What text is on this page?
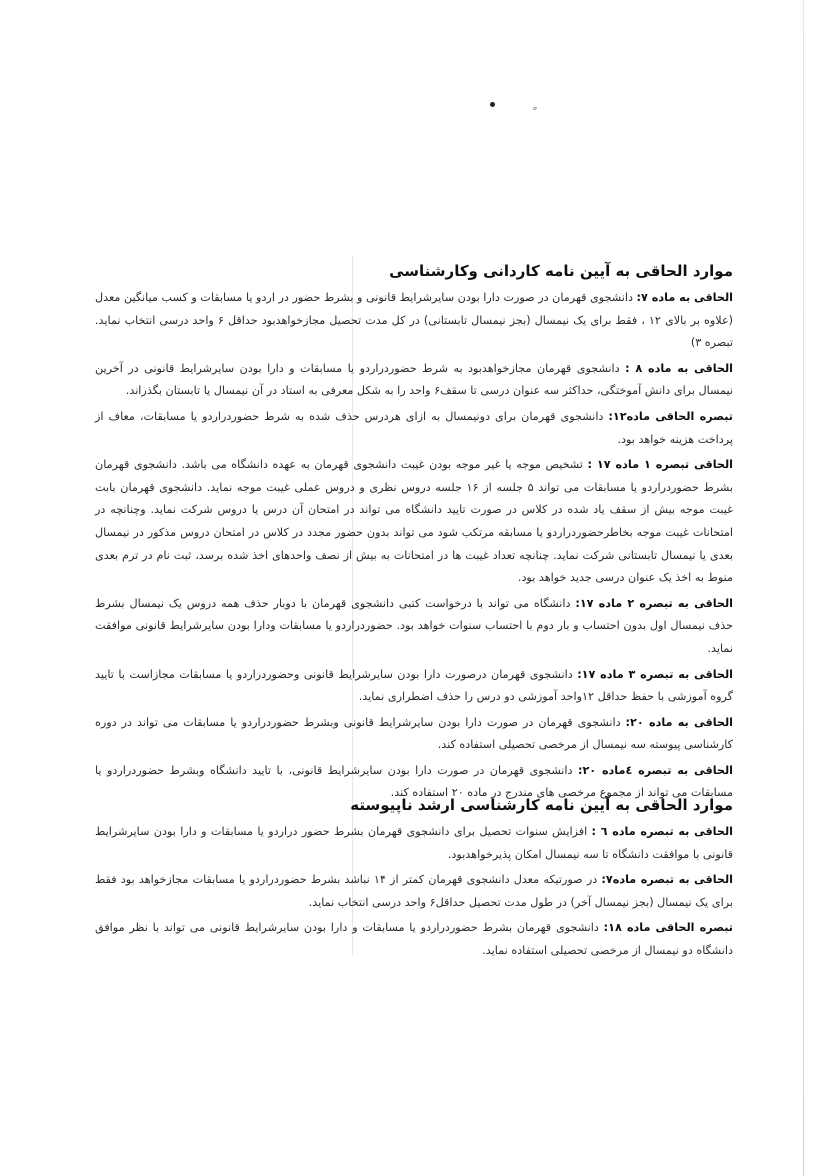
موارد الحاقی به آیین نامه کاردانی وکارشناسی

الحاقی به ماده ۷: دانشجوی قهرمان در صورت دارا بودن سایرشرایط قانونی و بشرط حضور در اردو یا مسابقات و کسب میانگین معدل (علاوه بر بالای ۱۲ ، فقط برای یک نیمسال (بجز نیمسال تابستانی) در کل مدت تحصیل مجازخواهدبود حداقل ۶ واحد درسی انتخاب نماید. تبصره ۳)

الحاقی به ماده ۸ : دانشجوی قهرمان مجازخواهدبود به شرط حضوردراردو یا مسابقات و دارا بودن سایرشرایط قانونی در آخرین نیمسال برای دانش آموختگی، حداکثر سه عنوان درسی تا سقف۶ واحد را به شکل معرفی به استاد در آن نیمسال یا تابستان بگذراند.

تبصره الحاقی ماده۱۲: دانشجوی قهرمان برای دونیمسال به ازای هردرس حذف شده به شرط حضوردراردو یا مسابقات، معاف از پرداخت هزینه خواهد بود.

الحاقی تبصره ۱ ماده ۱۷ : تشخیص موجه یا غیر موجه بودن غیبت دانشجوی قهرمان به عهده دانشگاه می باشد. دانشجوی قهرمان بشرط حضوردراردو یا مسابقات می تواند ۵ جلسه از ۱۶ جلسه دروس نظری و دروس عملی غیبت موجه نماید. دانشجوی قهرمان بابت غیبت موجه بیش از سقف یاد شده در کلاس در صورت تایید دانشگاه می تواند در امتحان آن درس یا دروس شرکت نماید. وچنانچه در امتحانات غیبت موجه بخاطرحضوردراردو یا مسابقه مرتکب شود می تواند بدون حضور مجدد در کلاس در امتحان دروس مذکور در نیمسال بعدی یا نیمسال تابستانی شرکت نماید. چنانچه تعداد غیبت ها در امتحانات به بیش از نصف واحدهای اخذ شده برسد، ثبت نام در ترم بعدی منوط به اخذ یک عنوان درسی جدید خواهد بود.

الحاقی به تبصره ۲ ماده ۱۷: دانشگاه می تواند با درخواست کتبی دانشجوی قهرمان با دوبار حذف همه دروس یک نیمسال بشرط حذف نیمسال اول بدون احتساب و بار دوم با احتساب سنوات خواهد بود. حضوردراردو یا مسابقات ودارا بودن سایرشرایط قانونی موافقت نماید.

الحاقی به تبصره ۳ ماده ۱۷: دانشجوی قهرمان درصورت دارا بودن سایرشرایط قانونی وحضوردراردو یا مسابقات مجازاست با تایید گروه آموزشی با حفظ حداقل ۱۲واحد آموزشی دو درس را حذف اضطراری نماید.

الحاقی به ماده ۲۰: دانشجوی قهرمان در صورت دارا بودن سایرشرایط قانونی وبشرط حضوردراردو یا مسابقات می تواند در دوره کارشناسی پیوسته سه نیمسال از مرخصی تحصیلی استفاده کند.

الحاقی به تبصره ٤ماده ۲۰: دانشجوی قهرمان در صورت دارا بودن سایرشرایط قانونی، با تایید دانشگاه وبشرط حضوردراردو یا مسابقات می تواند از مجموع مرخصی های مندرج در ماده ۲۰ استفاده کند.

موارد الحاقی به آیین نامه کارشناسی ارشد ناپیوسته

الحاقی به تبصره ماده ٦ : افزایش سنوات تحصیل برای دانشجوی قهرمان بشرط حضور دراردو یا مسابقات و دارا بودن سایرشرایط قانونی با موافقت دانشگاه تا سه نیمسال امکان پذیرخواهدبود.

الحاقی به تبصره ماده۷: در صورتیکه معدل دانشجوی قهرمان کمتر از ۱۴ نباشد بشرط حضوردراردو یا مسابقات مجازخواهد بود فقط برای یک نیمسال (بجز نیمسال آخر) در طول مدت تحصیل حداقل۶ واحد درسی انتخاب نماید.

تبصره الحاقی ماده ۱۸: دانشجوی قهرمان بشرط حضوردراردو یا مسابقات و دارا بودن سایرشرایط قانونی می تواند با نظر موافق دانشگاه دو نیمسال از مرخصی تحصیلی استفاده نماید.
